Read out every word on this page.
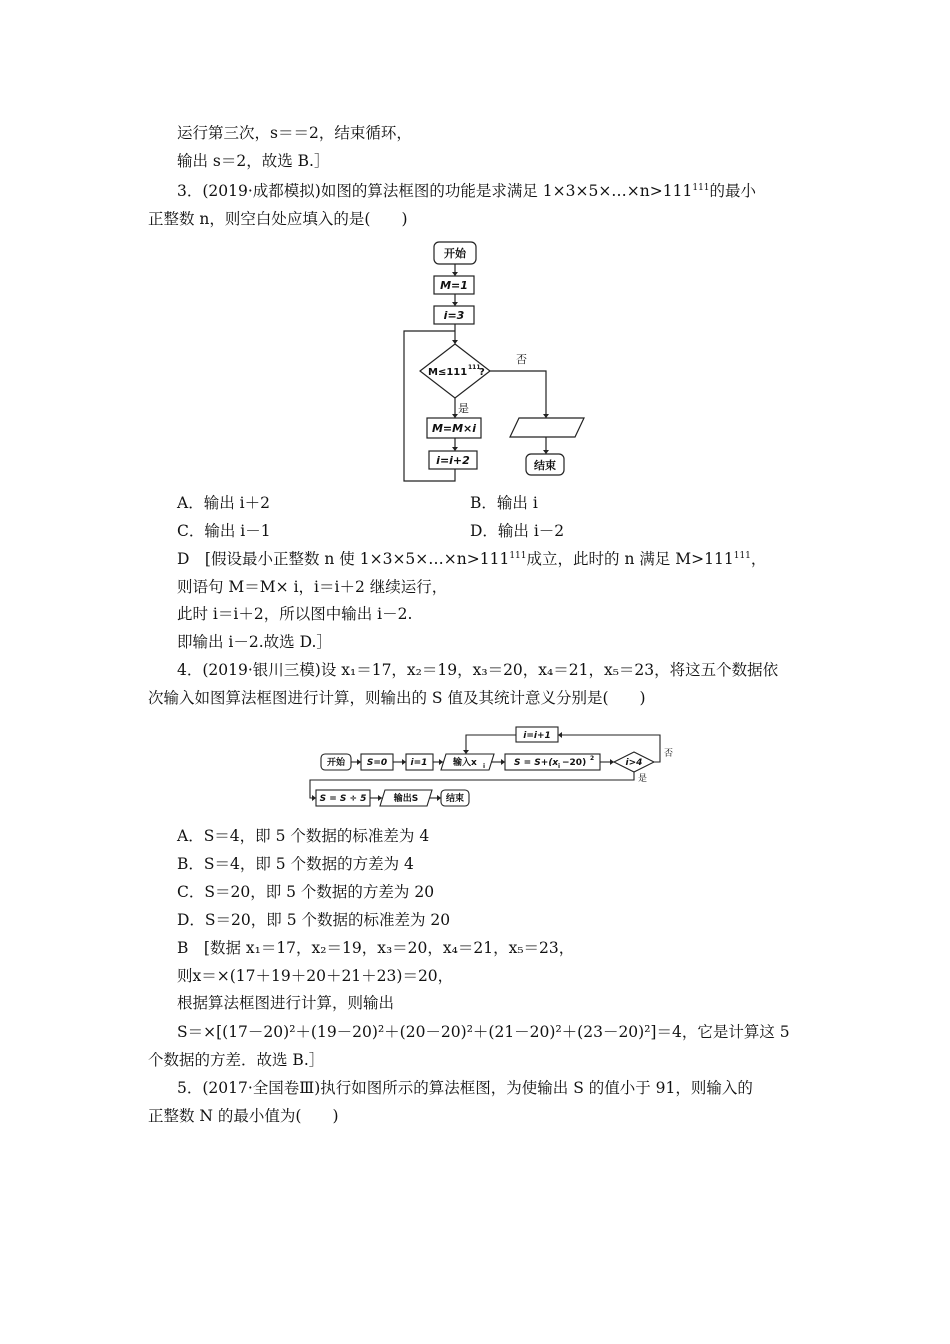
运行第三次，s＝＝2，结束循环，
输出 s＝2，故选 B.］
3．(2019·成都模拟)如图的算法框图的功能是求满足 $1\times 3\times 5\times\dots\times n>111^{111}$的最小
正整数 n，则空白处应填入的是(　　)
开始
M=1
i=3
M≤111 111
?
否
是
M=M×i
i=i+2	结束
A．输出 i＋2	B．输出 i
C．输出 i－1	D．输出 i－2
D　[假设最小正整数 n 使 $1\times 3\times 5\times\dots\times n>111^{111}$成立，此时的 n 满足 $M>111^{111}$，
则语句 M＝M× i，i＝i＋2 继续运行，
此时 i＝i＋2，所以图中输出 i－2.
即输出 i－2.故选 D.］
4．(2019·银川三模)设 x₁＝17，x₂＝19，x₃＝20，x₄＝21，x₅＝23，将这五个数据依
次输入如图算法框图进行计算，则输出的 S 值及其统计意义分别是(　　)
开始 S=0	i=1	输入x i	S = S+(x i −20) 2	i>4
否
是
i=i+1
S = S ÷ 5	输出S	结束
A．S＝4，即 5 个数据的标准差为 4
B．S＝4，即 5 个数据的方差为 4
C．S＝20，即 5 个数据的方差为 20
D．S＝20，即 5 个数据的标准差为 20
B　[数据 x₁＝17，x₂＝19，x₃＝20，x₄＝21，x₅＝23，
则x＝×(17＋19＋20＋21＋23)＝20，
根据算法框图进行计算，则输出
S＝×[(17－20)²＋(19－20)²＋(20－20)²＋(21－20)²＋(23－20)²]＝4，它是计算这 5
个数据的方差．故选 B.］
5．(2017·全国卷Ⅲ)执行如图所示的算法框图，为使输出 S 的值小于 91，则输入的
正整数 N 的最小值为(　　)
